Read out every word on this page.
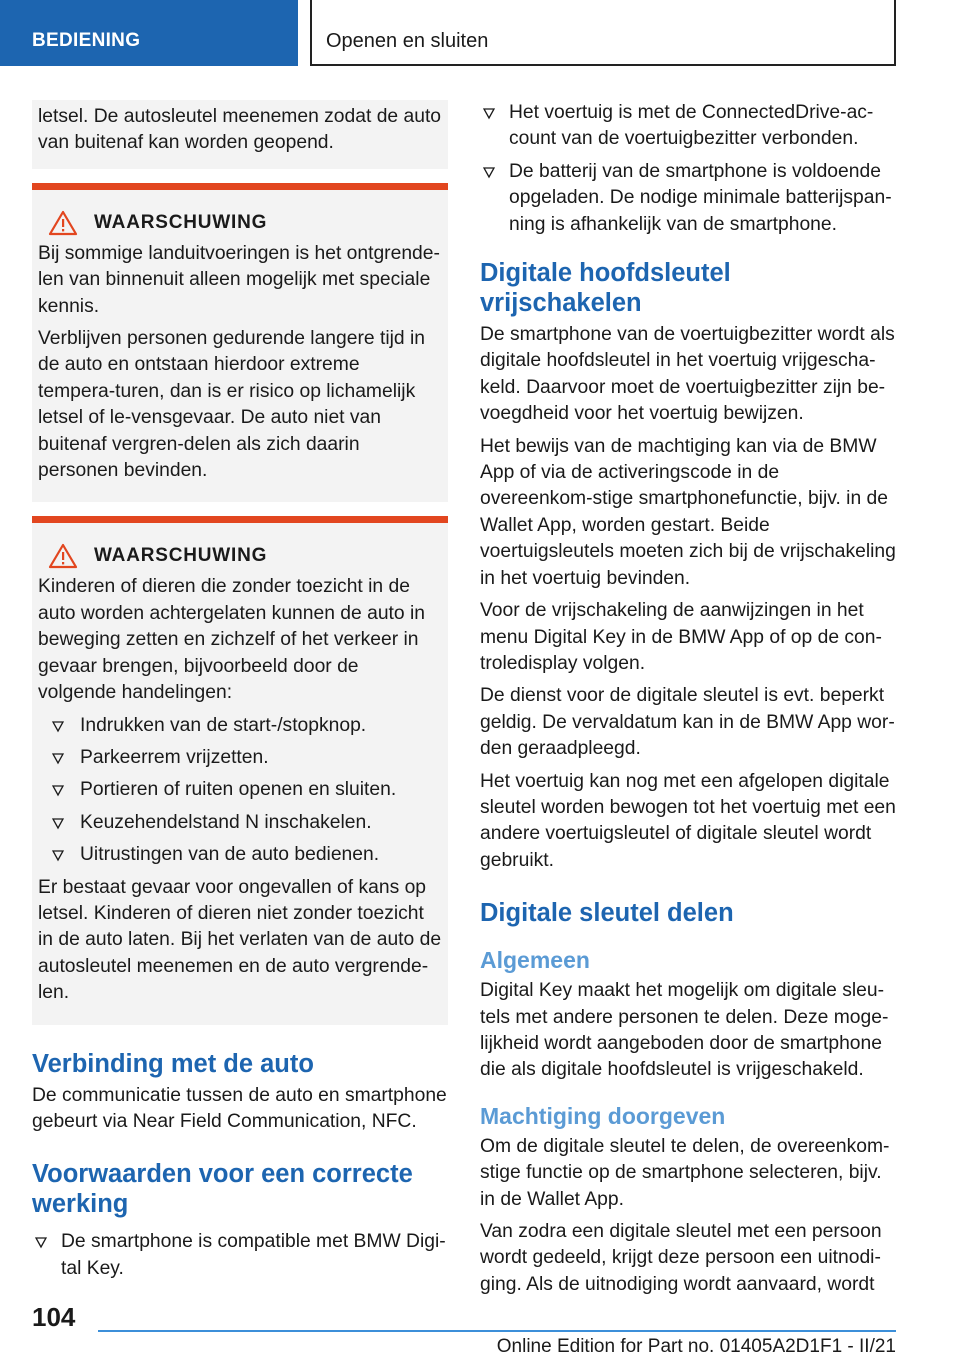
BEDIENING	Openen en sluiten

letsel. De autosleutel meenemen zodat de auto van buitenaf kan worden geopend.

WAARSCHUWING

Bij sommige landuitvoeringen is het ontgrende‐len van binnenuit alleen mogelijk met speciale kennis.

Verblijven personen gedurende langere tijd in de auto en ontstaan hierdoor extreme tempera‐turen, dan is er risico op lichamelijk letsel of le‐vensgevaar. De auto niet van buitenaf vergren‐delen als zich daarin personen bevinden.

WAARSCHUWING

Kinderen of dieren die zonder toezicht in de auto worden achtergelaten kunnen de auto in beweging zetten en zichzelf of het verkeer in gevaar brengen, bijvoorbeeld door de volgende handelingen:

Indrukken van de start-/stopknop.
Parkeerrem vrijzetten.
Portieren of ruiten openen en sluiten.
Keuzehendelstand N inschakelen.
Uitrustingen van de auto bedienen.

Er bestaat gevaar voor ongevallen of kans op letsel. Kinderen of dieren niet zonder toezicht in de auto laten. Bij het verlaten van de auto de autosleutel meenemen en de auto vergrende‐len.

Verbinding met de auto

De communicatie tussen de auto en smartphone gebeurt via Near Field Communication, NFC.

Voorwaarden voor een correcte werking
De smartphone is compatible met BMW Digi‐tal Key.
Het voertuig is met de ConnectedDrive-ac‐count van de voertuigbezitter verbonden.
De batterij van de smartphone is voldoende opgeladen. De nodige minimale batterijspan‐ning is afhankelijk van de smartphone.
Digitale hoofdsleutel vrijschakelen

De smartphone van de voertuigbezitter wordt als digitale hoofdsleutel in het voertuig vrijgescha‐keld. Daarvoor moet de voertuigbezitter zijn be‐voegdheid voor het voertuig bewijzen.

Het bewijs van de machtiging kan via de BMW App of via de activeringscode in de overeenkom‐stige smartphonefunctie, bijv. in de Wallet App, worden gestart. Beide voertuigsleutels moeten zich bij de vrijschakeling in het voertuig bevinden.

Voor de vrijschakeling de aanwijzingen in het menu Digital Key in de BMW App of op de con‐troledisplay volgen.

De dienst voor de digitale sleutel is evt. beperkt geldig. De vervaldatum kan in de BMW App wor‐den geraadpleegd.

Het voertuig kan nog met een afgelopen digitale sleutel worden bewogen tot het voertuig met een andere voertuigsleutel of digitale sleutel wordt gebruikt.

Digitale sleutel delen
Algemeen

Digital Key maakt het mogelijk om digitale sleu‐tels met andere personen te delen. Deze moge‐lijkheid wordt aangeboden door de smartphone die als digitale hoofdsleutel is vrijgeschakeld.

Machtiging doorgeven

Om de digitale sleutel te delen, de overeenkom‐stige functie op de smartphone selecteren, bijv. in de Wallet App.

Van zodra een digitale sleutel met een persoon wordt gedeeld, krijgt deze persoon een uitnodi‐ging. Als de uitnodiging wordt aanvaard, wordt

104
Online Edition for Part no. 01405A2D1F1 - II/21
